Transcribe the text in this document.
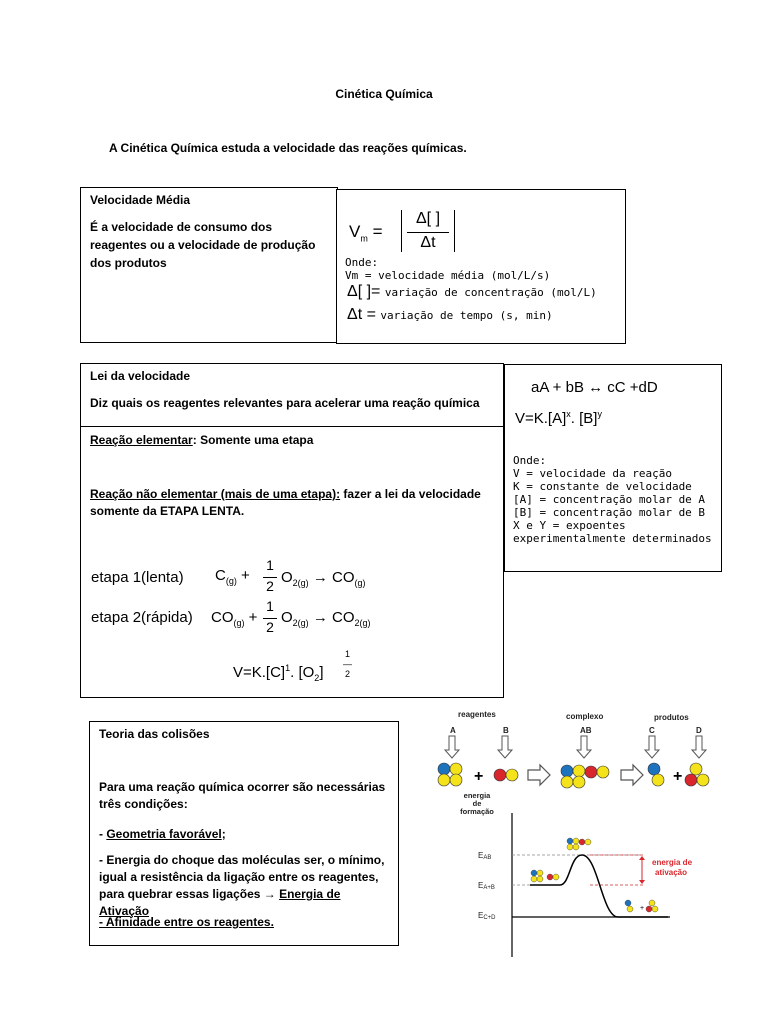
Cinética Química
A Cinética Química estuda a velocidade das reações químicas.
Velocidade Média
É a velocidade de consumo dos reagentes ou a velocidade de produção dos produtos
$V_m$ =
Δ[ ]
Δt
Onde:
Vm = velocidade média (mol/L/s)
Δ[ ]= variação de concentração (mol/L)
Δt = variação de tempo (s, min)
Lei da velocidade
Diz quais os reagentes relevantes para acelerar uma reação química
aA + bB ↔ cC +dD
$V=K.[A]^x$. $[B]^y$
Onde:
V = velocidade da reação
K = constante de velocidade
[A] = concentração molar de A
[B] = concentração molar de B
X e Y = expoentes
experimentalmente determinados
Reação elementar: Somente uma etapa
Reação não elementar (mais de uma etapa): fazer a lei da velocidade somente da ETAPA LENTA.
etapa 1(lenta) $C_{(g)}$ +
1
2 $O_{2(g)} \to CO_{(g)}$
etapa 2(rápida) $CO_{(g)}$ +
1
2
$O_{2(g)} \to CO_{2(g)}$
$V=K.[C]^1$. $[O_2]$
1
—
2
Teoria das colisões
Para uma reação química ocorrer são necessárias três condições:
- Geometria favorável;
- Energia do choque das moléculas ser, o mínimo, igual a resistência da ligação entre os reagentes, para quebrar essas ligações → Energia de Ativação
- Afinidade entre os reagentes.
reagentes	complexo	produtos
A	B	AB	C	D
+	+
energia
de
formação
EAB
EA+B
EC+D
energia de
ativação
+
